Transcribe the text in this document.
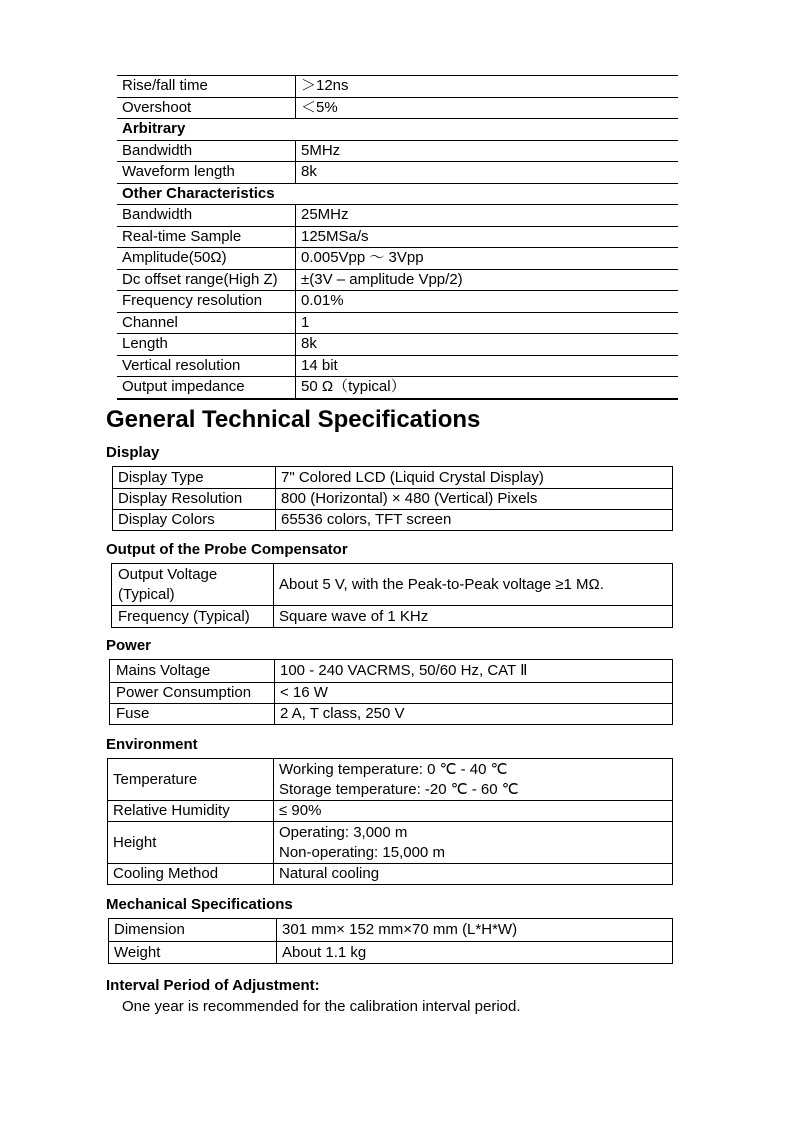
Rise/fall time	＞12ns
Overshoot	＜5%
Arbitrary	
Bandwidth	5MHz
Waveform length	8k
Other Characteristics	
Bandwidth	25MHz
Real-time Sample	125MSa/s
Amplitude(50Ω)	0.005Vpp ～ 3Vpp
Dc offset range(High Z)	±(3V – amplitude Vpp/2)
Frequency resolution	0.01%
Channel	1
Length	8k
Vertical resolution	14 bit
Output impedance	50 Ω（typical）
General Technical Specifications
Display
Display Type	7" Colored LCD (Liquid Crystal Display)
Display Resolution	800 (Horizontal) × 480 (Vertical) Pixels
Display Colors	65536 colors, TFT screen
Output of the Probe Compensator
Output Voltage (Typical)	About 5 V, with the Peak-to-Peak voltage ≥1 MΩ.
Frequency (Typical)	Square wave of 1 KHz
Power
Mains Voltage	100 - 240 VACRMS, 50/60 Hz, CAT Ⅱ
Power Consumption	< 16 W
Fuse	2 A, T class, 250 V
Environment
Temperature	Working temperature: 0 ℃ - 40 ℃
Storage temperature: -20 ℃ - 60 ℃

Relative Humidity	≤ 90%
Height	Operating: 3,000 m
Non-operating: 15,000 m

Cooling Method	Natural cooling
Mechanical Specifications
Dimension	301 mm× 152 mm×70 mm (L*H*W)
Weight	About 1.1 kg
Interval Period of Adjustment:
One year is recommended for the calibration interval period.
